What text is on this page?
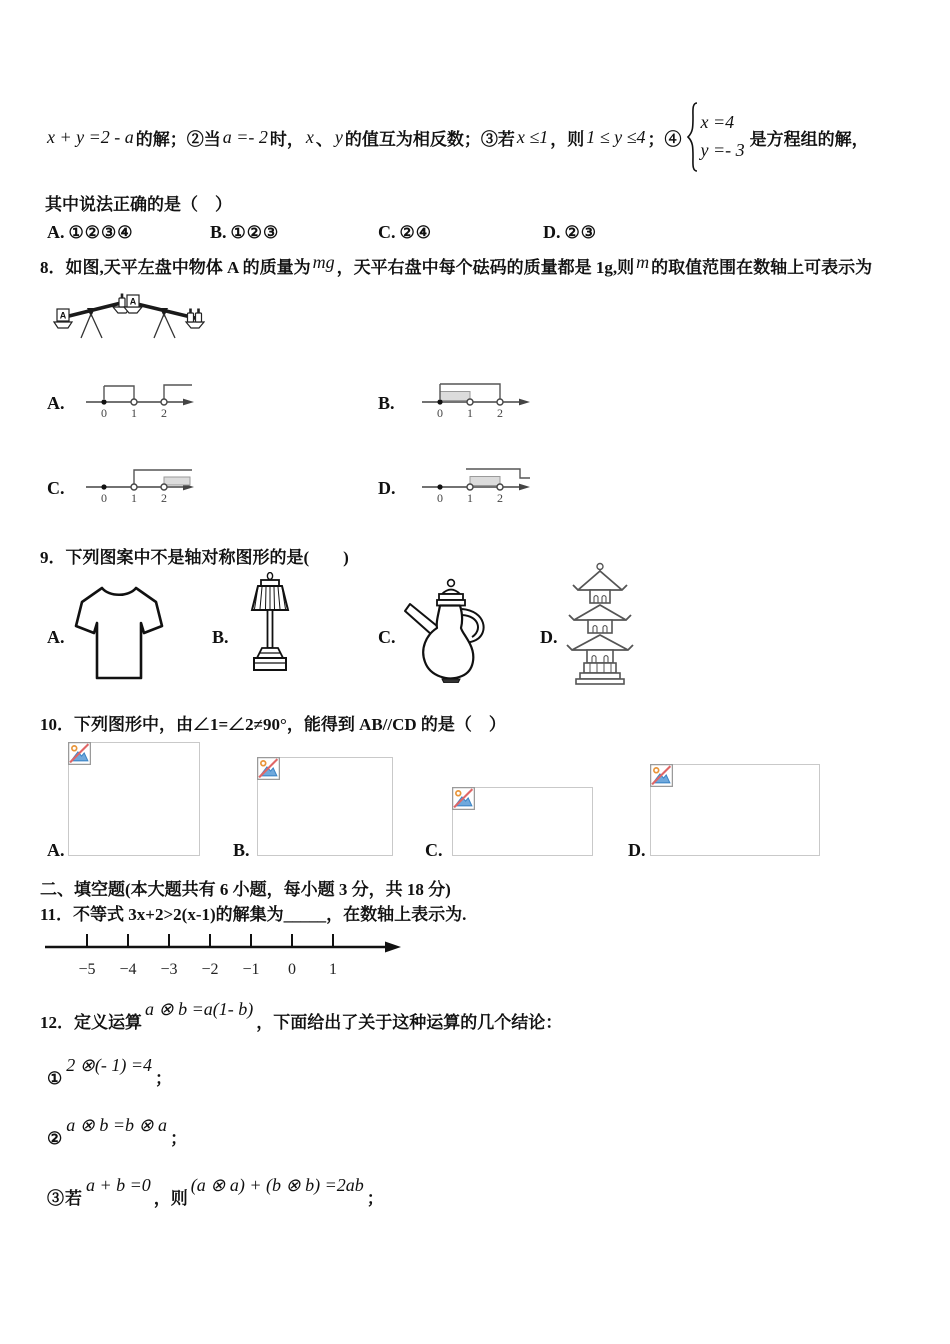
x + y =2 - a 的解；②当 a =- 2 时， x 、 y 的值互为相反数；③若 x ≤1 ，则 1 ≤ y ≤4 ；④
x =4
y =- 3
是方程组的解，
其中说法正确的是（　）
A. ①②③④	B. ①②③	C. ②④	D. ②③
8．如图,天平左盘中物体 A 的质量为 mg ，天平右盘中每个砝码的质量都是 1g,则 m 的取值范围在数轴上可表示为
A
A
A.	0 1 2	B.	0 1 2
C.	0 1 2	D.	0 1 2
9．下列图案中不是轴对称图形的是(　　)
A.	B.	C.	D.
10．下列图形中，由∠1=∠2≠90°，能得到 AB//CD 的是（　）
A.	B.	C.	D.
二、填空题(本大题共有 6 小题，每小题 3 分，共 18 分)
11．不等式 3x+2>2(x-1)的解集为_____，在数轴上表示为.
−5 −4 −3 −2 −1 0 1
12．定义运算a ⊗ b =a(1- b)，下面给出了关于这种运算的几个结论：
①2 ⊗(- 1) =4；
②a ⊗ b =b ⊗ a；
③若a + b =0，则(a ⊗ a) + (b ⊗ b) =2ab；
